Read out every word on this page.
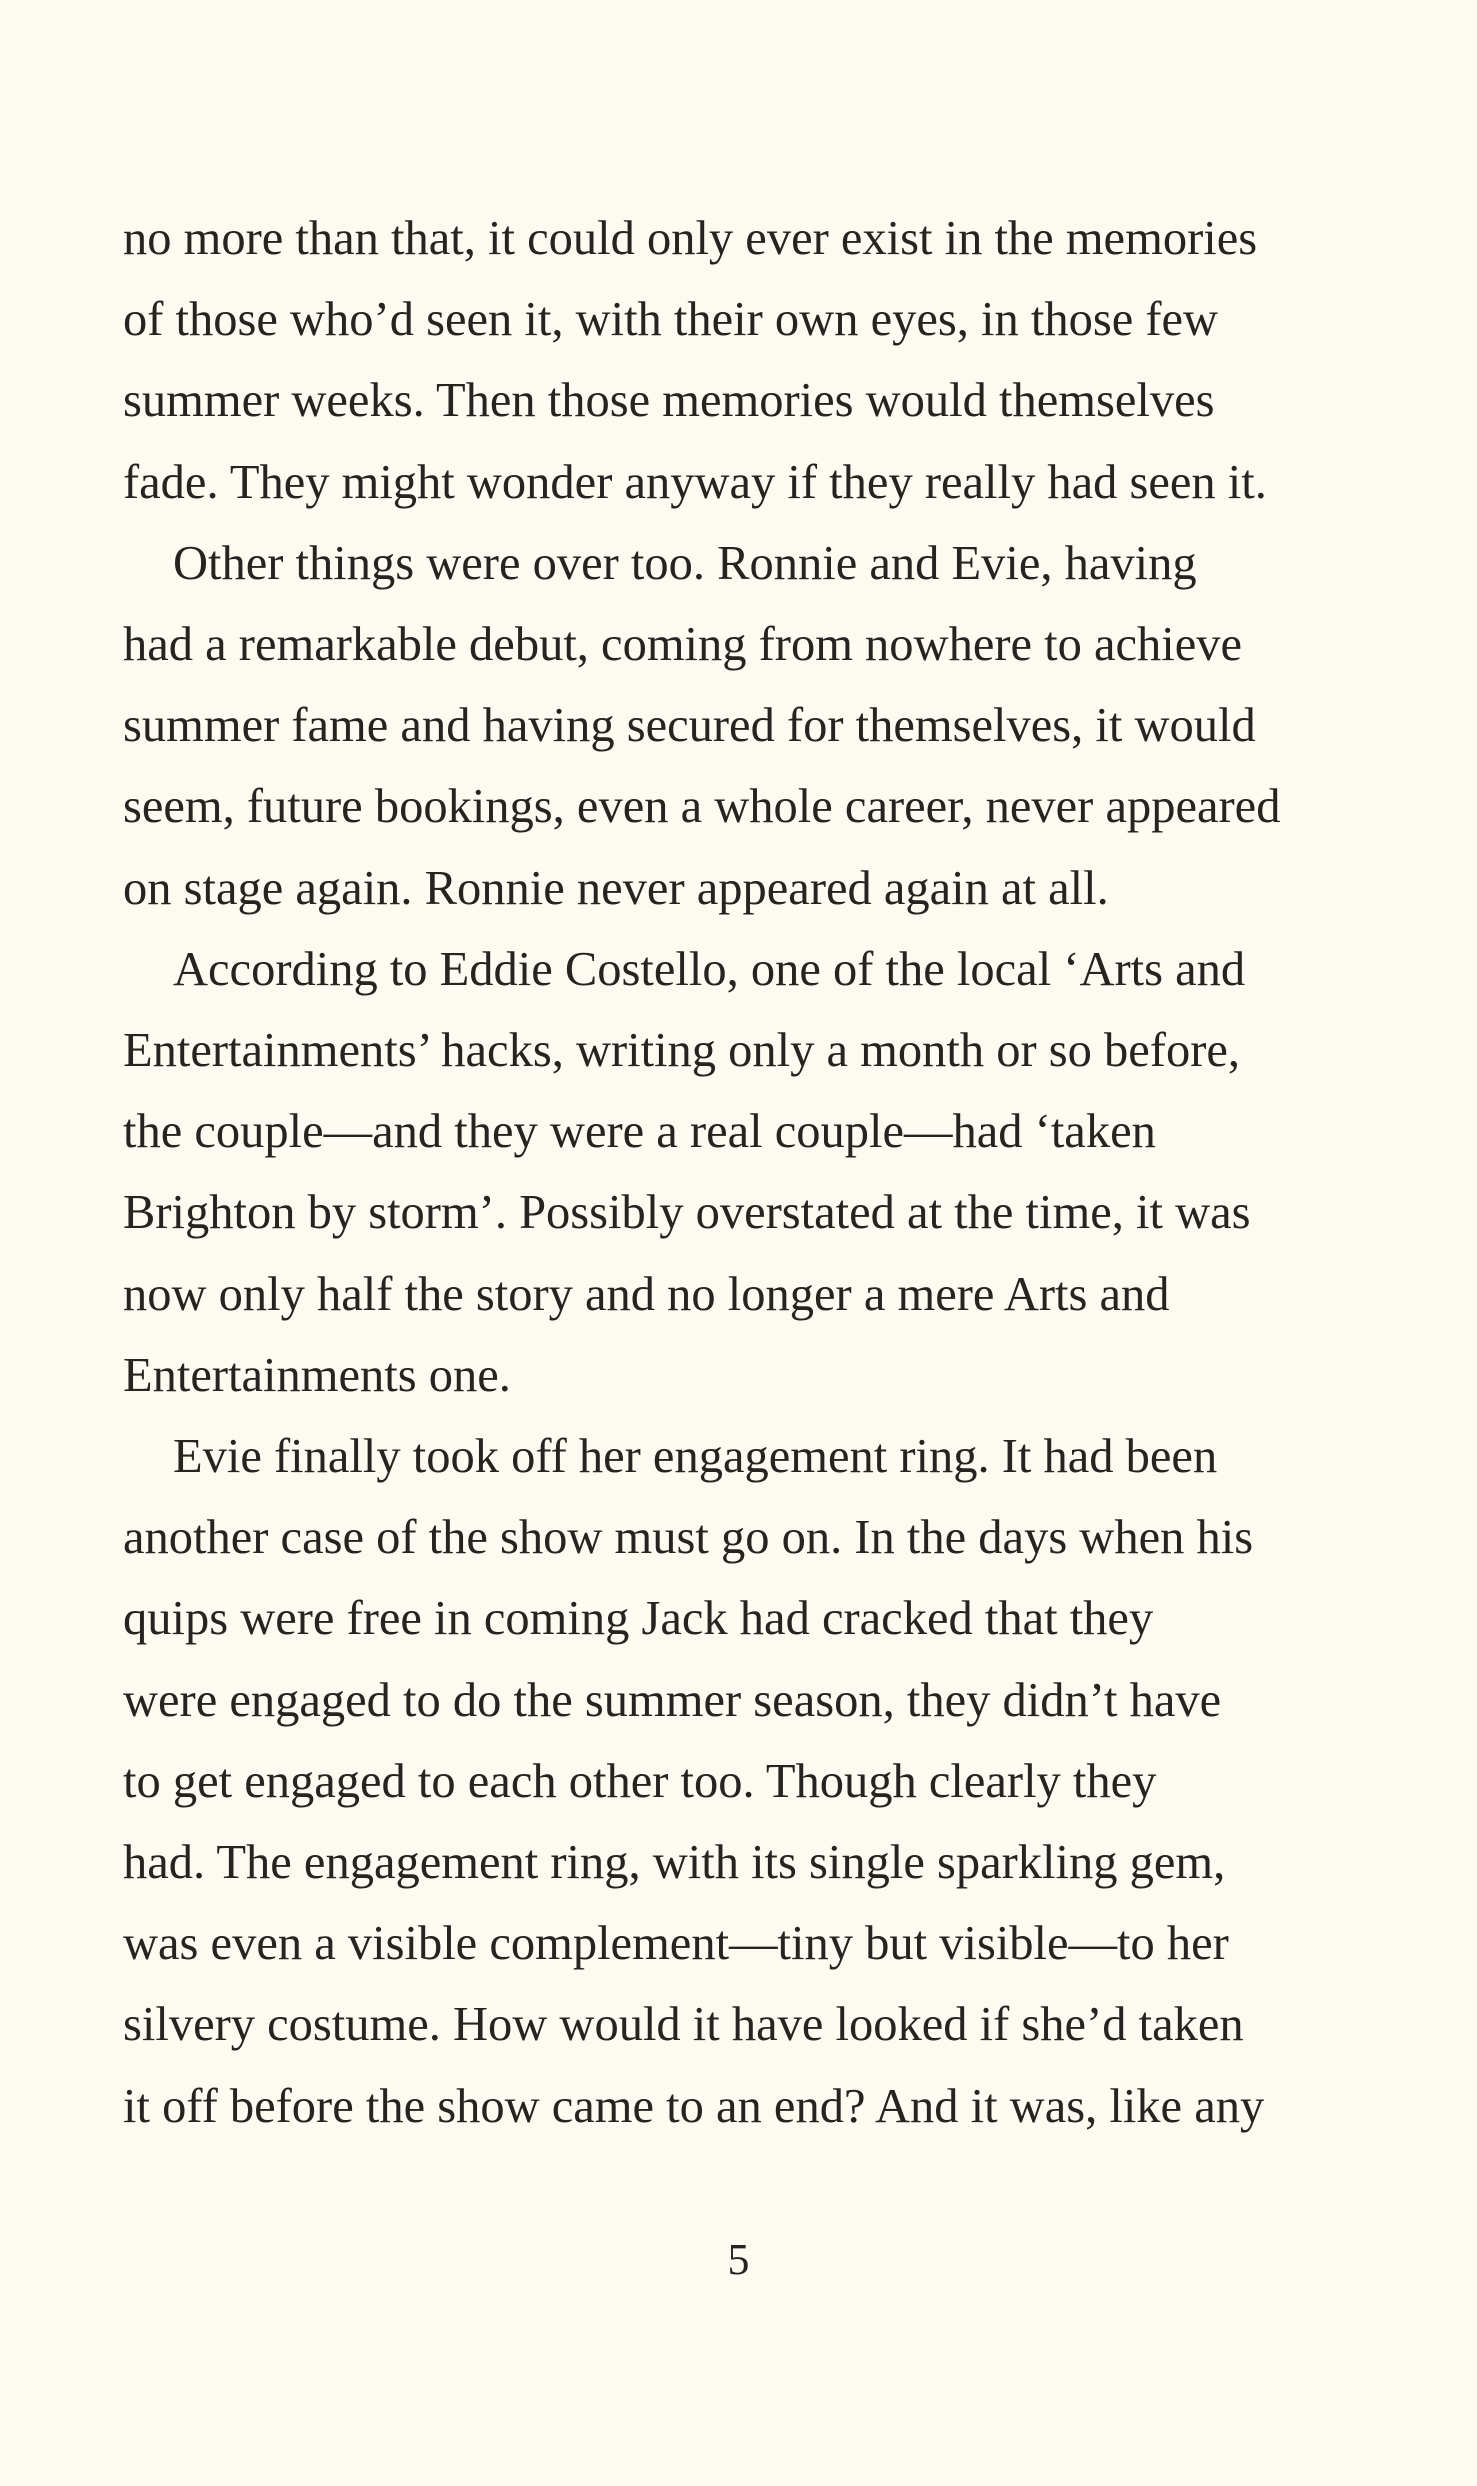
no more than that, it could only ever exist in the memories
of those who’d seen it, with their own eyes, in those few
summer weeks. Then those memories would themselves
fade. They might wonder anyway if they really had seen it.

Other things were over too. Ronnie and Evie, having
had a remarkable debut, coming from nowhere to achieve
summer fame and having secured for themselves, it would
seem, future bookings, even a whole career, never appeared
on stage again. Ronnie never appeared again at all.

According to Eddie Costello, one of the local ‘Arts and
Entertainments’ hacks, writing only a month or so before,
the couple—and they were a real couple—had ‘taken
Brighton by storm’. Possibly overstated at the time, it was
now only half the story and no longer a mere Arts and
Entertainments one.

Evie finally took off her engagement ring. It had been
another case of the show must go on. In the days when his
quips were free in coming Jack had cracked that they
were engaged to do the summer season, they didn’t have
to get engaged to each other too. Though clearly they
had. The engagement ring, with its single sparkling gem,
was even a visible complement—tiny but visible—to her
silvery costume. How would it have looked if she’d taken
it off before the show came to an end? And it was, like any

5
